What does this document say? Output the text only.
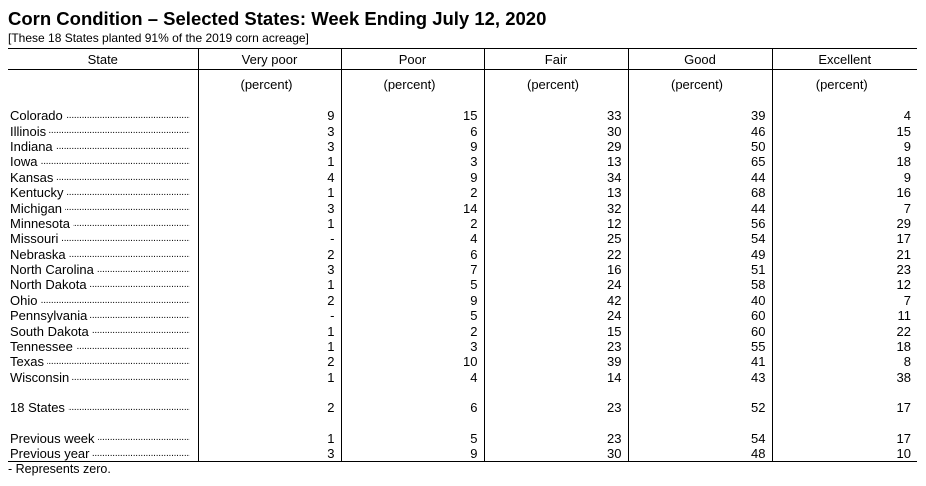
Corn Condition – Selected States: Week Ending July 12, 2020
[These 18 States planted 91% of the 2019 corn acreage]
State	Very poor	Poor	Fair	Good	Excellent
	(percent)	(percent)	(percent)	(percent)	(percent)
Colorado . . .	9	15	33	39	4
Illinois . . .	3	6	30	46	15
Indiana . . .	3	9	29	50	9
Iowa . . .	1	3	13	65	18
Kansas . . .	4	9	34	44	9
Kentucky . . .	1	2	13	68	16
Michigan . . .	3	14	32	44	7
Minnesota . . .	1	2	12	56	29
Missouri . . .	-	4	25	54	17
Nebraska . . .	2	6	22	49	21
North Carolina . . .	3	7	16	51	23
North Dakota . . .	1	5	24	58	12
Ohio . . .	2	9	42	40	7
Pennsylvania . . .	-	5	24	60	11
South Dakota . . .	1	2	15	60	22
Tennessee . . .	1	3	23	55	18
Texas . . .	2	10	39	41	8
Wisconsin . . .	1	4	14	43	38

18 States . . .	2	6	23	52	17

Previous week . . .	1	5	23	54	17
Previous year . . .	3	9	30	48	10
- Represents zero.
